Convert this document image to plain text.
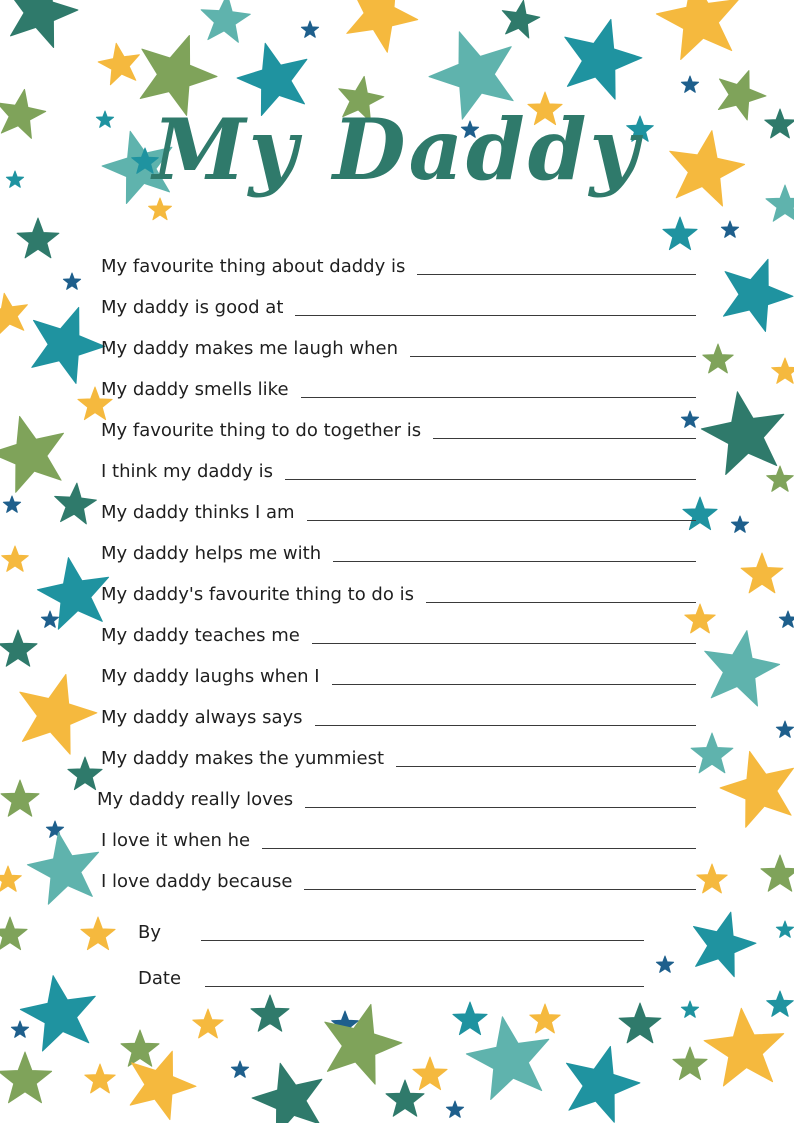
My Daddy
My favourite thing about daddy is
My daddy is good at
My daddy makes me laugh when
My daddy smells like
My favourite thing to do together is
I think my daddy is
My daddy thinks I am
My daddy helps me with
My daddy's favourite thing to do is
My daddy teaches me
My daddy laughs when I
My daddy always says
My daddy makes the yummiest
My daddy really loves
I love it when he
I love daddy because
By
Date
